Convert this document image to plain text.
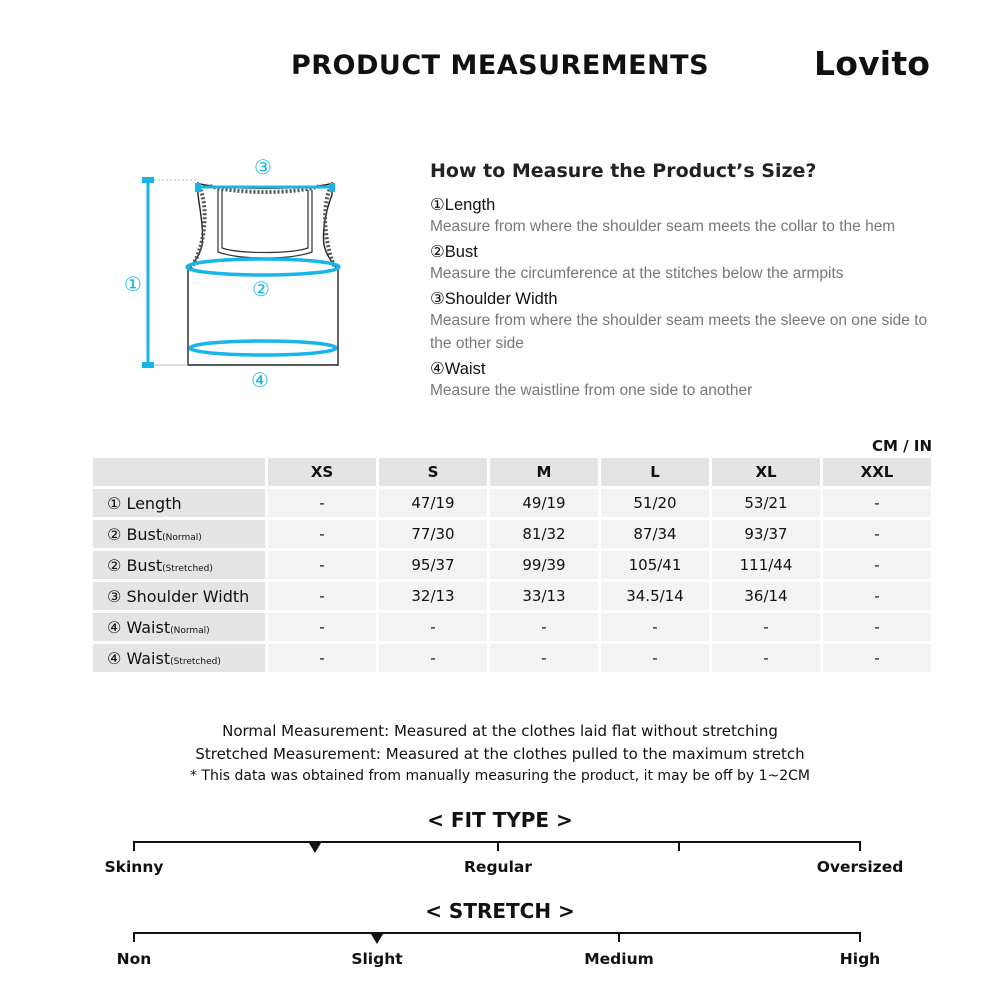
PRODUCT MEASUREMENTS	Lovito
①	②
③
④
How to Measure the Product’s Size?
①Length
Measure from where the shoulder seam meets the collar to the hem
②Bust
Measure the circumference at the stitches below the armpits
③Shoulder Width
Measure from where the shoulder seam meets the sleeve on one side to the other side
④Waist
Measure the waistline from one side to another
CM / IN
	XS	S	M	L	XL	XXL
① Length	-	47/19	49/19	51/20	53/21	-
② Bust(Normal)	-	77/30	81/32	87/34	93/37	-
② Bust(Stretched)	-	95/37	99/39	105/41	111/44	-
③ Shoulder Width	-	32/13	33/13	34.5/14	36/14	-
④ Waist(Normal)	-	-	-	-	-	-
④ Waist(Stretched)	-	-	-	-	-	-
Normal Measurement: Measured at the clothes laid flat without stretching
Stretched Measurement: Measured at the clothes pulled to the maximum stretch
* This data was obtained from manually measuring the product, it may be off by 1~2CM
< FIT TYPE >
Skinny	Regular	Oversized
< STRETCH >
Non	Slight	Medium	High
